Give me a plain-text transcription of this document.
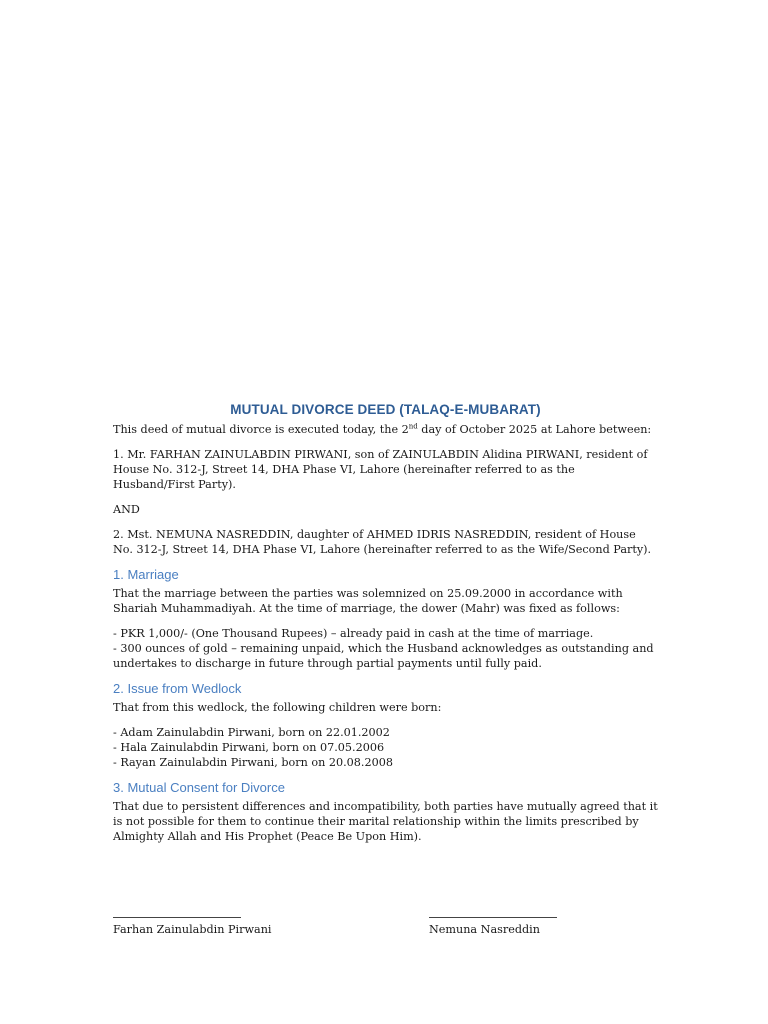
MUTUAL DIVORCE DEED (TALAQ-E-MUBARAT)

This deed of mutual divorce is executed today, the 2nd day of October 2025 at Lahore between:

1. Mr. FARHAN ZAINULABDIN PIRWANI, son of ZAINULABDIN Alidina PIRWANI, resident of House No. 312-J, Street 14, DHA Phase VI, Lahore (hereinafter referred to as the Husband/First Party).

AND

2. Mst. NEMUNA NASREDDIN, daughter of AHMED IDRIS NASREDDIN, resident of House No. 312-J, Street 14, DHA Phase VI, Lahore (hereinafter referred to as the Wife/Second Party).

1. Marriage

That the marriage between the parties was solemnized on 25.09.2000 in accordance with Shariah Muhammadiyah. At the time of marriage, the dower (Mahr) was fixed as follows:

- PKR 1,000/- (One Thousand Rupees) – already paid in cash at the time of marriage.

- 300 ounces of gold – remaining unpaid, which the Husband acknowledges as outstanding and undertakes to discharge in future through partial payments until fully paid.

2. Issue from Wedlock

That from this wedlock, the following children were born:

- Adam Zainulabdin Pirwani, born on 22.01.2002

- Hala Zainulabdin Pirwani, born on 07.05.2006

- Rayan Zainulabdin Pirwani, born on 20.08.2008

3. Mutual Consent for Divorce

That due to persistent differences and incompatibility, both parties have mutually agreed that it is not possible for them to continue their marital relationship within the limits prescribed by Almighty Allah and His Prophet (Peace Be Upon Him).

Farhan Zainulabdin Pirwani	Nemuna Nasreddin
